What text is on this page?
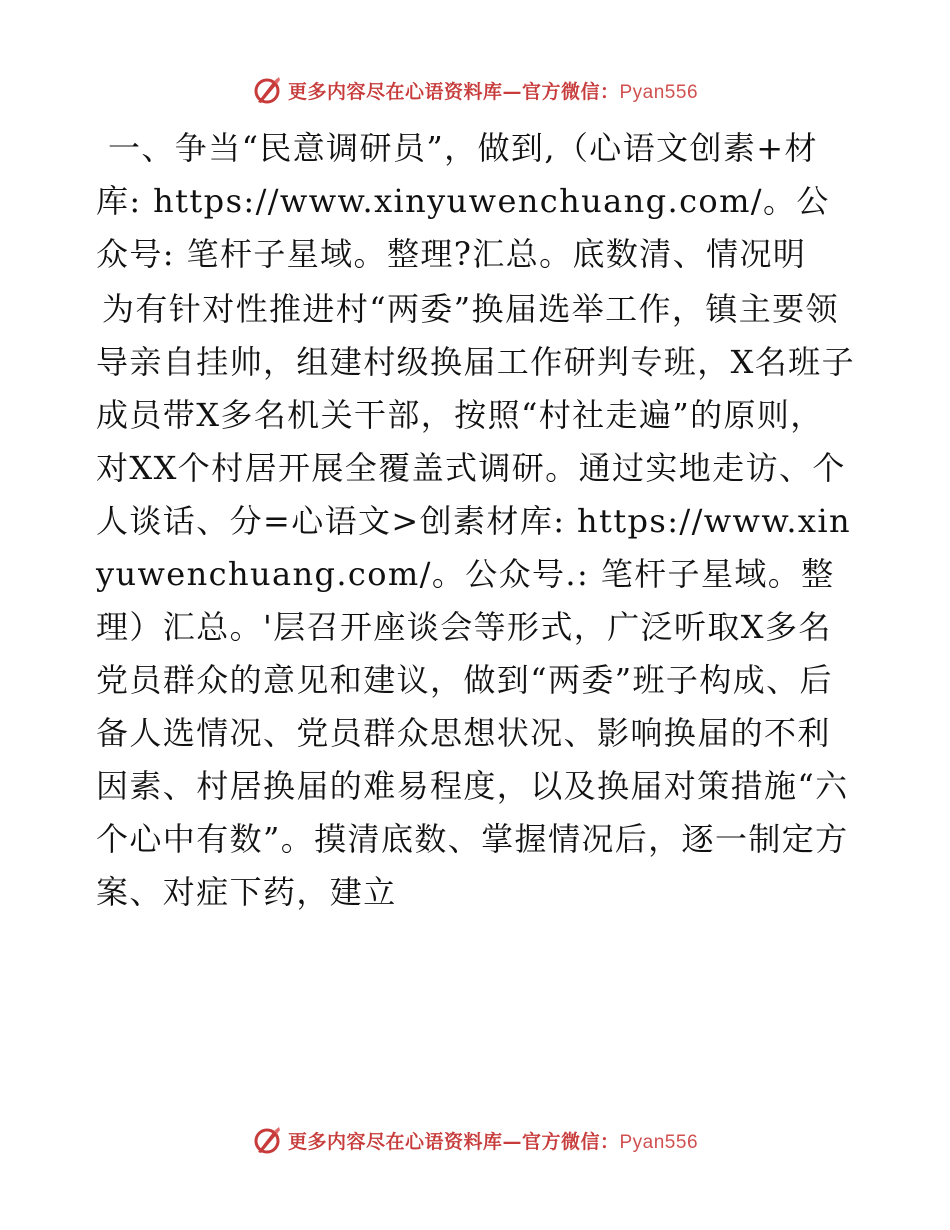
更多内容尽在心语资料库—官方微信：Pyan556

一、争当“民意调研员”，做到,（心语文创素+材库: https://www.xinyuwenchuang.com/。公众号: 笔杆子星域。整理?汇总。底数清、情况明

为有针对性推进村“两委”换届选举工作，镇主要领导亲自挂帅，组建村级换届工作研判专班，X名班子成员带X多名机关干部，按照“村社走遍”的原则，对XX个村居开展全覆盖式调研。通过实地走访、个人谈话、分=心语文>创素材库: https://www.xinyuwenchuang.com/。公众号.: 笔杆子星域。整理）汇总。'层召开座谈会等形式，广泛听取X多名党员群众的意见和建议，做到“两委”班子构成、后备人选情况、党员群众思想状况、影响换届的不利因素、村居换届的难易程度，以及换届对策措施“六个心中有数”。摸清底数、掌握情况后，逐一制定方案、对症下药，建立

更多内容尽在心语资料库—官方微信：Pyan556
